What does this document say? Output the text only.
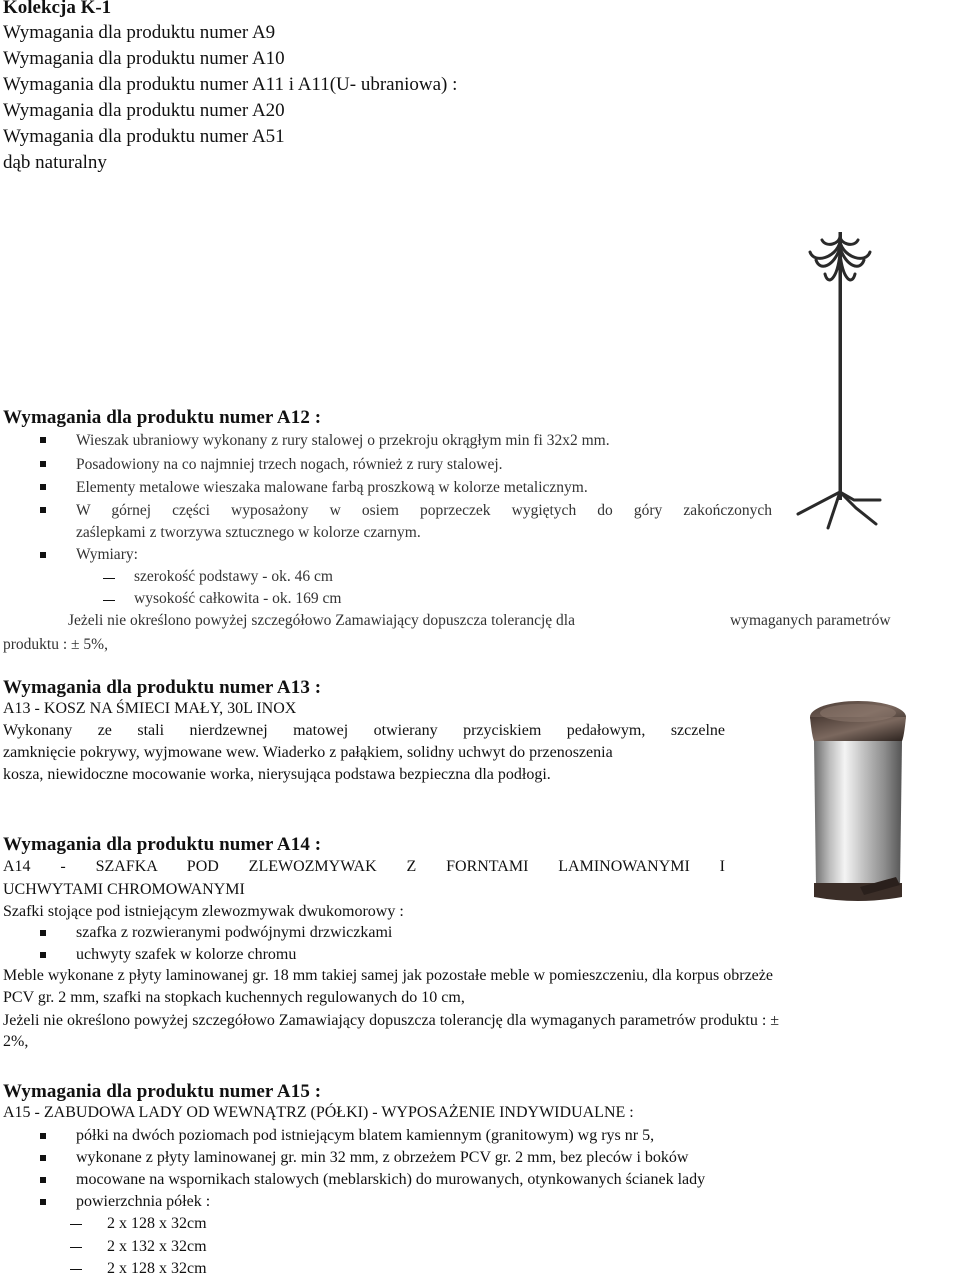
Kolekcja K-1

Wymagania dla produktu numer A9

Wymagania dla produktu numer A10

Wymagania dla produktu numer A11 i A11(U- ubraniowa) :

Wymagania dla produktu numer A20

Wymagania dla produktu numer A51

dąb naturalny

Wymagania dla produktu numer A12 :

Wieszak ubraniowy wykonany z rury stalowej o przekroju okrągłym min fi 32x2 mm.

Posadowiony na co najmniej trzech nogach, również z rury stalowej.

Elementy metalowe wieszaka malowane farbą proszkową w kolorze metalicznym.

W górnej części wyposażony w osiem poprzeczek wygiętych do góry zakończonych

zaślepkami z tworzywa sztucznego w kolorze czarnym.

Wymiary:

szerokość podstawy - ok. 46 cm

wysokość całkowita - ok. 169 cm

Jeżeli nie określono powyżej szczegółowo Zamawiający dopuszcza tolerancję dla	wymaganych parametrów

produktu : ± 5%,

Wymagania dla produktu numer A13 :

A13 - KOSZ NA ŚMIECI MAŁY, 30L INOX

Wykonany ze stali nierdzewnej matowej otwierany przyciskiem pedałowym, szczelne

zamknięcie pokrywy, wyjmowane wew. Wiaderko z pałąkiem, solidny uchwyt do przenoszenia

kosza, niewidoczne mocowanie worka, nierysująca podstawa bezpieczna dla podłogi.

Wymagania dla produktu numer A14 :

A14 - SZAFKA POD ZLEWOZMYWAK Z FORNTAMI LAMINOWANYMI I

UCHWYTAMI CHROMOWANYMI

Szafki stojące pod istniejącym zlewozmywak dwukomorowy :

szafka z rozwieranymi podwójnymi drzwiczkami

uchwyty szafek w kolorze chromu

Meble wykonane z płyty laminowanej gr. 18 mm takiej samej jak pozostałe meble w pomieszczeniu, dla korpus obrzeże

PCV gr. 2 mm, szafki na stopkach kuchennych regulowanych do 10 cm,

Jeżeli nie określono powyżej szczegółowo Zamawiający dopuszcza tolerancję dla wymaganych parametrów produktu : ±

2%,

Wymagania dla produktu numer A15 :

A15 - ZABUDOWA LADY OD WEWNĄTRZ (PÓŁKI) - WYPOSAŻENIE INDYWIDUALNE :

półki na dwóch poziomach pod istniejącym blatem kamiennym (granitowym) wg rys nr 5,

wykonane z płyty laminowanej gr. min 32 mm, z obrzeżem PCV gr. 2 mm, bez pleców i boków

mocowane na wspornikach stalowych (meblarskich) do murowanych, otynkowanych ścianek lady

powierzchnia półek :

2 x 128 x 32cm

2 x 132 x 32cm

2 x 128 x 32cm
